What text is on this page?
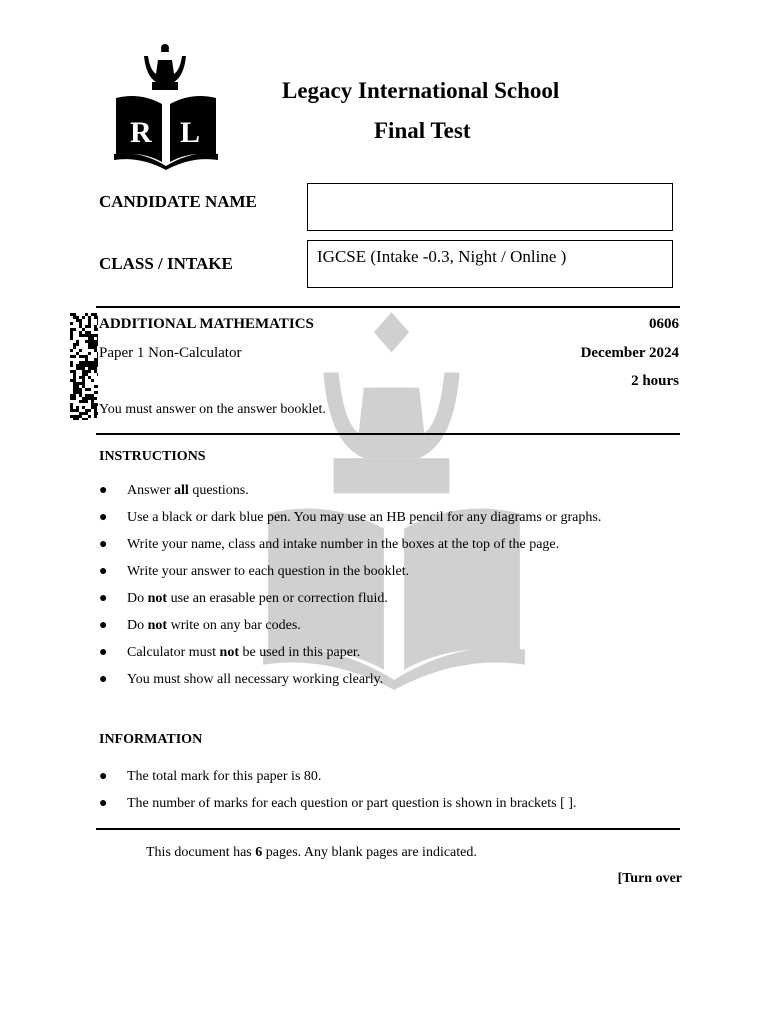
R L
Legacy International School
Final Test
CANDIDATE NAME
CLASS / INTAKE	IGCSE (Intake -0.3, Night / Online )
ADDITIONAL MATHEMATICS	0606
Paper 1 Non-Calculator	December 2024
2 hours
You must answer on the answer booklet.
INSTRUCTIONS
● Answer all questions.
● Use a black or dark blue pen. You may use an HB pencil for any diagrams or graphs.
● Write your name, class and intake number in the boxes at the top of the page.
● Write your answer to each question in the booklet.
● Do not use an erasable pen or correction fluid.
● Do not write on any bar codes.
● Calculator must not be used in this paper.
● You must show all necessary working clearly.
INFORMATION
● The total mark for this paper is 80.
● The number of marks for each question or part question is shown in brackets [ ].
This document has 6 pages. Any blank pages are indicated.
[Turn over
